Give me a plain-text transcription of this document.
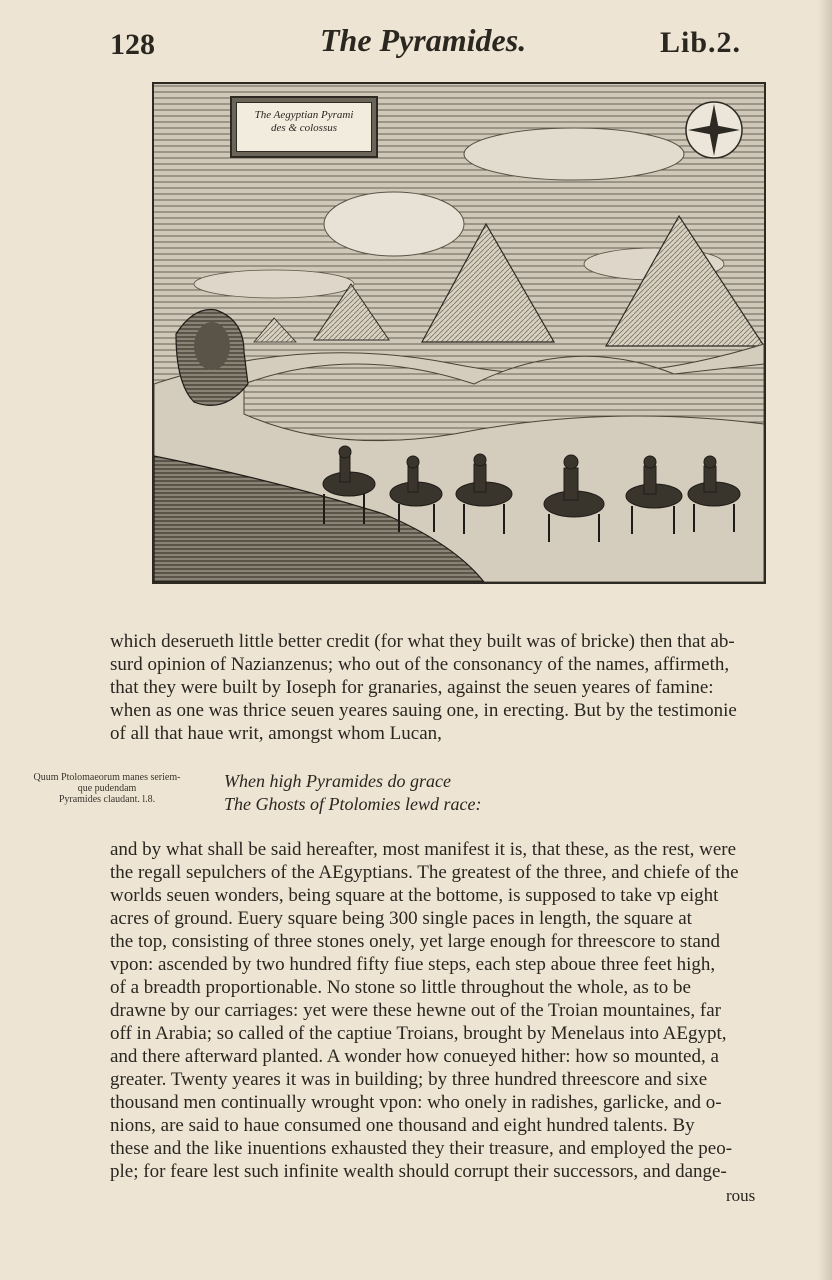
128	The Pyramides.	Lib.2.
The Aegyptian Pyrami
des & colossus
which deserueth little better credit (for what they built was of bricke) then that ab-
surd opinion of Nazianzenus; who out of the consonancy of the names, affirmeth,
that they were built by Ioseph for granaries, against the seuen yeares of famine:
when as one was thrice seuen yeares sauing one, in erecting. But by the testimonie
of all that haue writ, amongst whom Lucan,
Quum Ptolomaeorum manes seriem-
que pudendam
Pyramides claudant. l.8.
When high Pyramides do grace
The Ghosts of Ptolomies lewd race:
and by what shall be said hereafter, most manifest it is, that these, as the rest, were
the regall sepulchers of the AEgyptians. The greatest of the three, and chiefe of the
worlds seuen wonders, being square at the bottome, is supposed to take vp eight
acres of ground. Euery square being 300 single paces in length, the square at
the top, consisting of three stones onely, yet large enough for threescore to stand
vpon: ascended by two hundred fifty fiue steps, each step aboue three feet high,
of a breadth proportionable. No stone so little throughout the whole, as to be
drawne by our carriages: yet were these hewne out of the Troian mountaines, far
off in Arabia; so called of the captiue Troians, brought by Menelaus into AEgypt,
and there afterward planted. A wonder how conueyed hither: how so mounted, a
greater. Twenty yeares it was in building; by three hundred threescore and sixe
thousand men continually wrought vpon: who onely in radishes, garlicke, and o-
nions, are said to haue consumed one thousand and eight hundred talents. By
these and the like inuentions exhausted they their treasure, and employed the peo-
ple; for feare lest such infinite wealth should corrupt their successors, and dange-
rous
